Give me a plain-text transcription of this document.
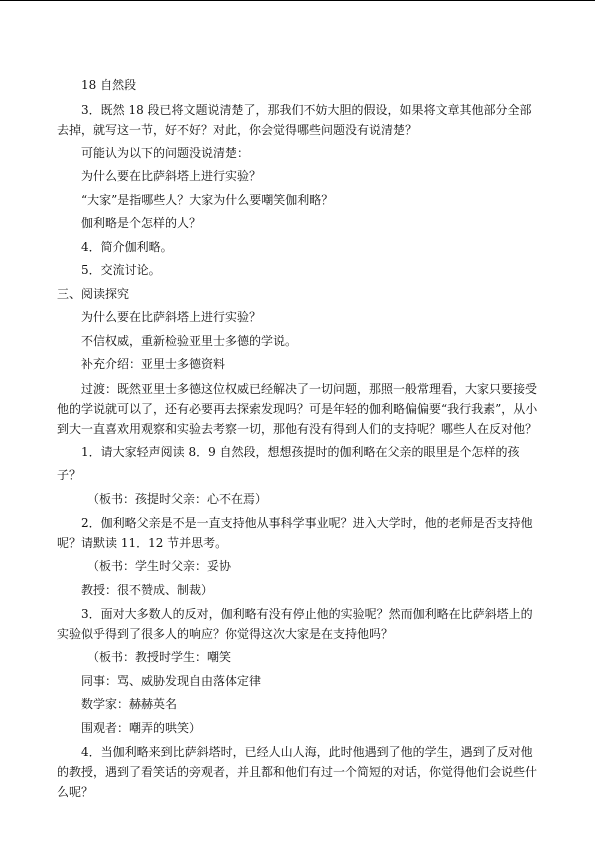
18 自然段

3．既然 18 段已将文题说清楚了，那我们不妨大胆的假设，如果将文章其他部分全部去掉，就写这一节，好不好？对此，你会觉得哪些问题没有说清楚？

可能认为以下的问题没说清楚：

为什么要在比萨斜塔上进行实验？

“大家”是指哪些人？大家为什么要嘲笑伽利略？

伽利略是个怎样的人？

4．简介伽利略。

5．交流讨论。

三、阅读探究

为什么要在比萨斜塔上进行实验？

不信权威，重新检验亚里士多德的学说。

补充介绍：亚里士多德资料

过渡：既然亚里士多德这位权威已经解决了一切问题，那照一般常理看，大家只要接受他的学说就可以了，还有必要再去探索发现吗？可是年轻的伽利略偏偏要“我行我素”，从小到大一直喜欢用观察和实验去考察一切，那他有没有得到人们的支持呢？哪些人在反对他？

1．请大家轻声阅读 8．9 自然段，想想孩提时的伽利略在父亲的眼里是个怎样的孩子？

（板书：孩提时父亲：心不在焉）

2．伽利略父亲是不是一直支持他从事科学事业呢？进入大学时，他的老师是否支持他呢？请默读 11．12 节并思考。

（板书：学生时父亲：妥协

教授：很不赞成、制裁）

3．面对大多数人的反对，伽利略有没有停止他的实验呢？然而伽利略在比萨斜塔上的实验似乎得到了很多人的响应？你觉得这次大家是在支持他吗？

（板书：教授时学生：嘲笑

同事：骂、威胁发现自由落体定律

数学家：赫赫英名

围观者：嘲弄的哄笑）

4．当伽利略来到比萨斜塔时，已经人山人海，此时他遇到了他的学生，遇到了反对他的教授，遇到了看笑话的旁观者，并且都和他们有过一个简短的对话，你觉得他们会说些什么呢？
